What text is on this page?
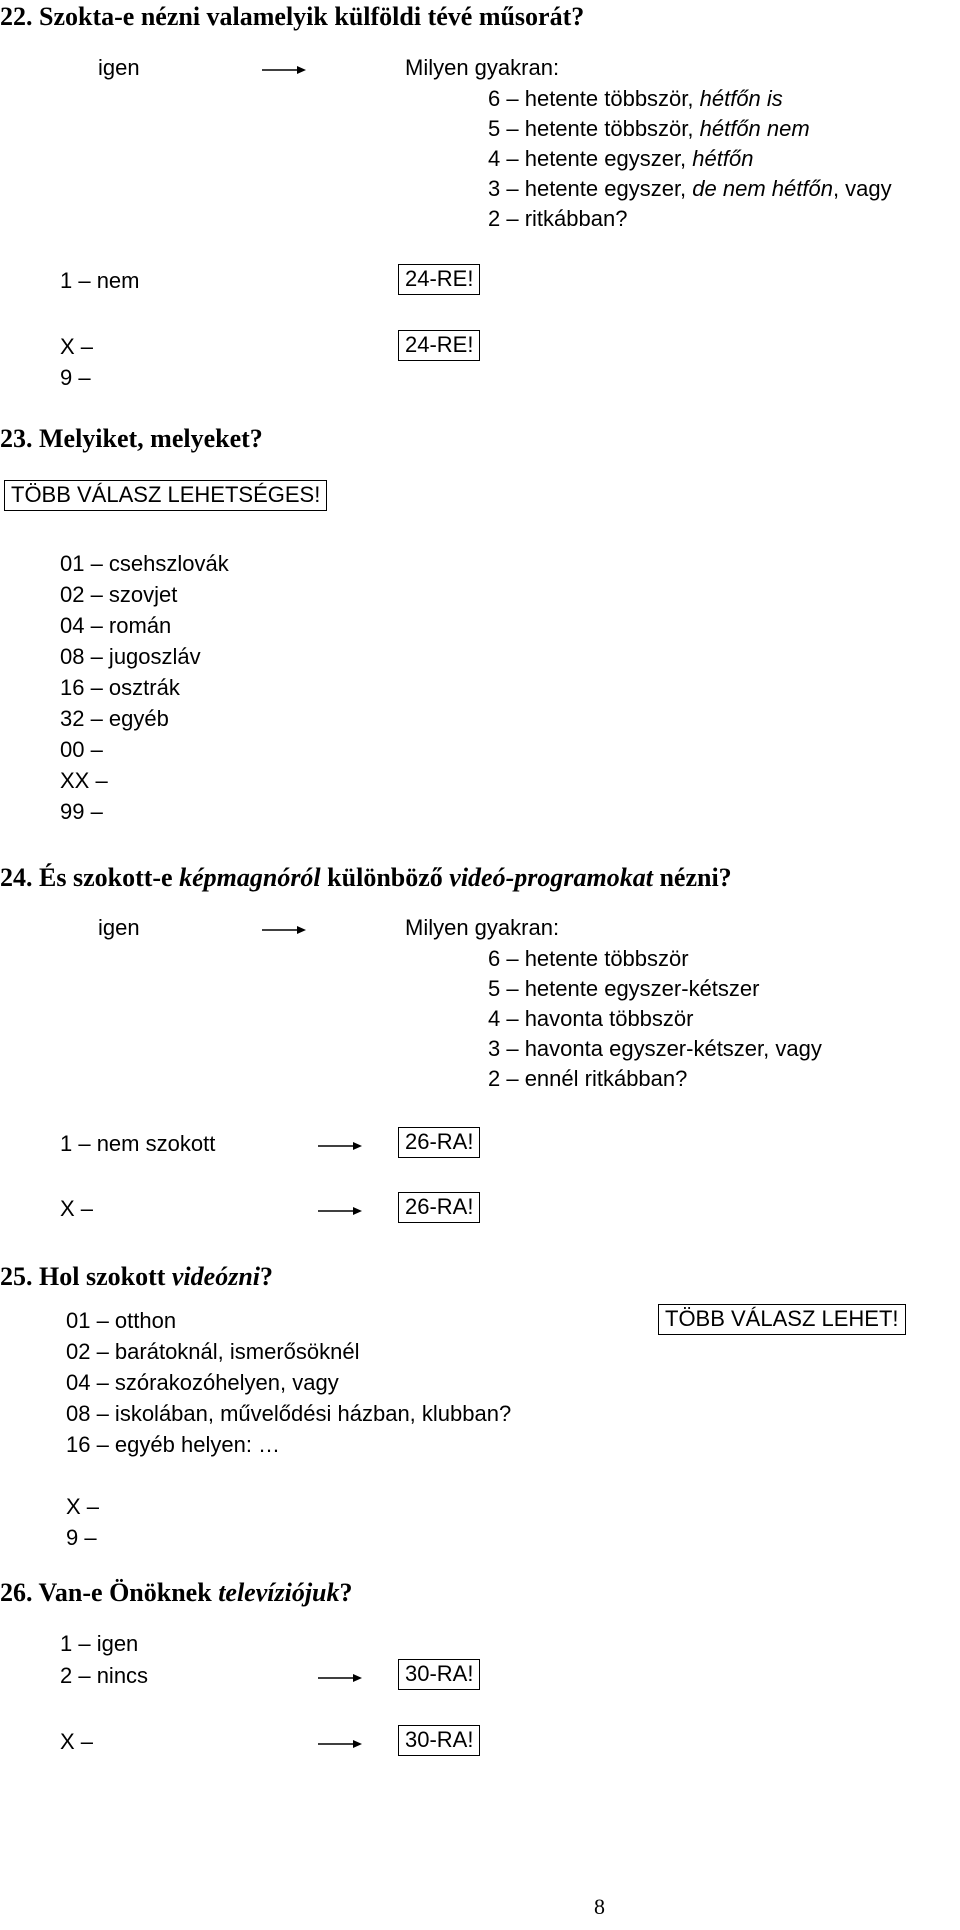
22. Szokta-e nézni valamelyik külföldi tévé műsorát?
igen	Milyen gyakran:
6 – hetente többször, hétfőn is
5 – hetente többször, hétfőn nem
4 – hetente egyszer, hétfőn
3 – hetente egyszer, de nem hétfőn, vagy
2 – ritkábban?
1 – nem	24-RE!
X –	24-RE!
9 –
23. Melyiket, melyeket?
TÖBB VÁLASZ LEHETSÉGES!
01 – csehszlovák
02 – szovjet
04 – román
08 – jugoszláv
16 – osztrák
32 – egyéb
00 –
XX –
99 –
24. És szokott-e képmagnóról különböző videó-programokat nézni?
igen	Milyen gyakran:
6 – hetente többször
5 – hetente egyszer-kétszer
4 – havonta többször
3 – havonta egyszer-kétszer, vagy
2 – ennél ritkábban?
1 – nem szokott	26-RA!
X –	26-RA!
25. Hol szokott videózni?
01 – otthon
02 – barátoknál, ismerősöknél
04 – szórakozóhelyen, vagy
08 – iskolában, művelődési házban, klubban?
16 – egyéb helyen: …
TÖBB VÁLASZ LEHET!
X –
9 –
26. Van-e Önöknek televíziójuk?
1 – igen
2 – nincs	30-RA!
X –	30-RA!
8
